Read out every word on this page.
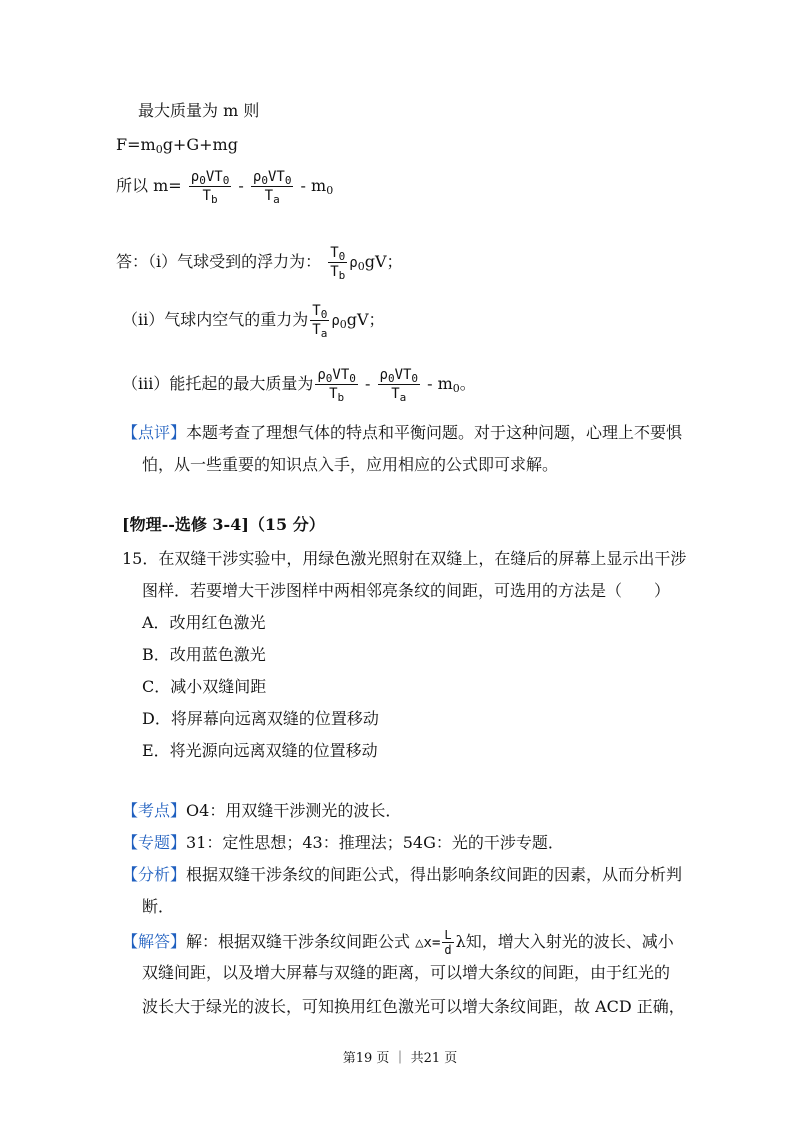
最大质量为 m 则
$F=m_0g+G+mg$
所以 $m= \frac{\rho_0VT_0}{T_b} - \frac{\rho_0VT_0}{T_a} - m_0$
答：（i）气球受到的浮力为： $\frac{T_0}{T_b} \rho_0gV$；
（ii）气球内空气的重力为 $\frac{T_0}{T_a} \rho_0gV$；
（iii）能托起的最大质量为 $\frac{\rho_0VT_0}{T_b} - \frac{\rho_0VT_0}{T_a} - m_0$。
【点评】本题考查了理想气体的特点和平衡问题。对于这种问题，心理上不要惧
怕，从一些重要的知识点入手，应用相应的公式即可求解。
[物理--选修 3-4]（15 分）
15．在双缝干涉实验中，用绿色激光照射在双缝上，在缝后的屏幕上显示出干涉
图样．若要增大干涉图样中两相邻亮条纹的间距，可选用的方法是（　　）
A．改用红色激光
B．改用蓝色激光
C．减小双缝间距
D．将屏幕向远离双缝的位置移动
E．将光源向远离双缝的位置移动
【考点】O4：用双缝干涉测光的波长．
【专题】31：定性思想；43：推理法；54G：光的干涉专题．
【分析】根据双缝干涉条纹的间距公式，得出影响条纹间距的因素，从而分析判
断．
【解答】解：根据双缝干涉条纹间距公式 △x= $\frac{L}{d}$ λ知，增大入射光的波长、减小
双缝间距，以及增大屏幕与双缝的距离，可以增大条纹的间距，由于红光的
波长大于绿光的波长，可知换用红色激光可以增大条纹间距，故 ACD 正确，
第19 页 ｜ 共21 页
